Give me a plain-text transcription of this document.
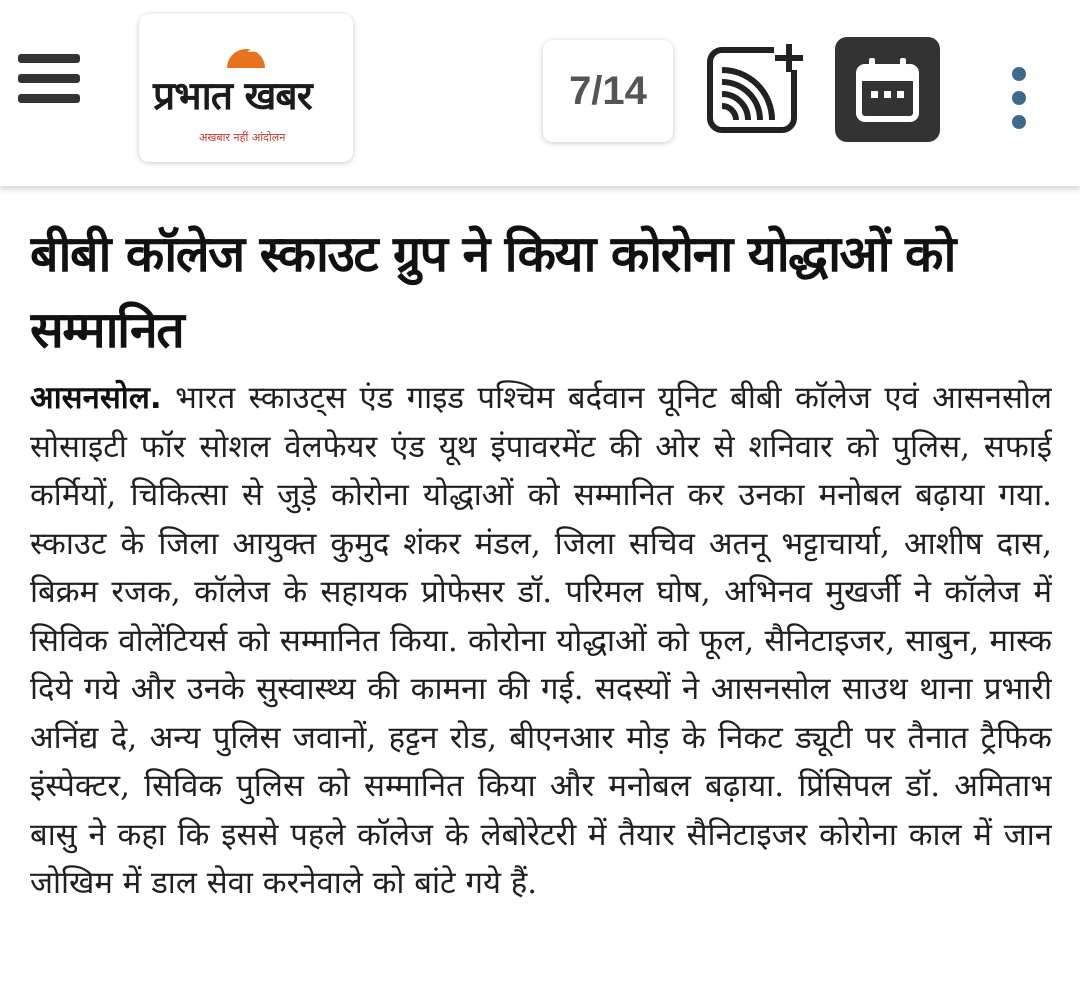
प्रभात खबर
अखबार नहीं आंदोलन
7/14
बीबी कॉलेज स्काउट ग्रुप ने किया कोरोना योद्धाओं को सम्मानित

आसनसोल. भारत स्काउट्स एंड गाइड पश्चिम बर्दवान यूनिट बीबी कॉलेज एवं आसनसोल सोसाइटी फॉर सोशल वेलफेयर एंड यूथ इंपावरमेंट की ओर से शनिवार को पुलिस, सफाई कर्मियों, चिकित्सा से जुड़े कोरोना योद्धाओं को सम्मानित कर उनका मनोबल बढ़ाया गया. स्काउट के जिला आयुक्त कुमुद शंकर मंडल, जिला सचिव अतनू भट्टाचार्या, आशीष दास, बिक्रम रजक, कॉलेज के सहायक प्रोफेसर डॉ. परिमल घोष, अभिनव मुखर्जी ने कॉलेज में सिविक वोलेंटियर्स को सम्मानित किया. कोरोना योद्धाओं को फूल, सैनिटाइजर, साबुन, मास्क दिये गये और उनके सुस्वास्थ्य की कामना की गई. सदस्यों ने आसनसोल साउथ थाना प्रभारी अनिंद्य दे, अन्य पुलिस जवानों, हट्टन रोड, बीएनआर मोड़ के निकट ड्यूटी पर तैनात ट्रैफिक इंस्पेक्टर, सिविक पुलिस को सम्मानित किया और मनोबल बढ़ाया. प्रिंसिपल डॉ. अमिताभ बासु ने कहा कि इससे पहले कॉलेज के लेबोरेटरी में तैयार सैनिटाइजर कोरोना काल में जान जोखिम में डाल सेवा करनेवाले को बांटे गये हैं.
